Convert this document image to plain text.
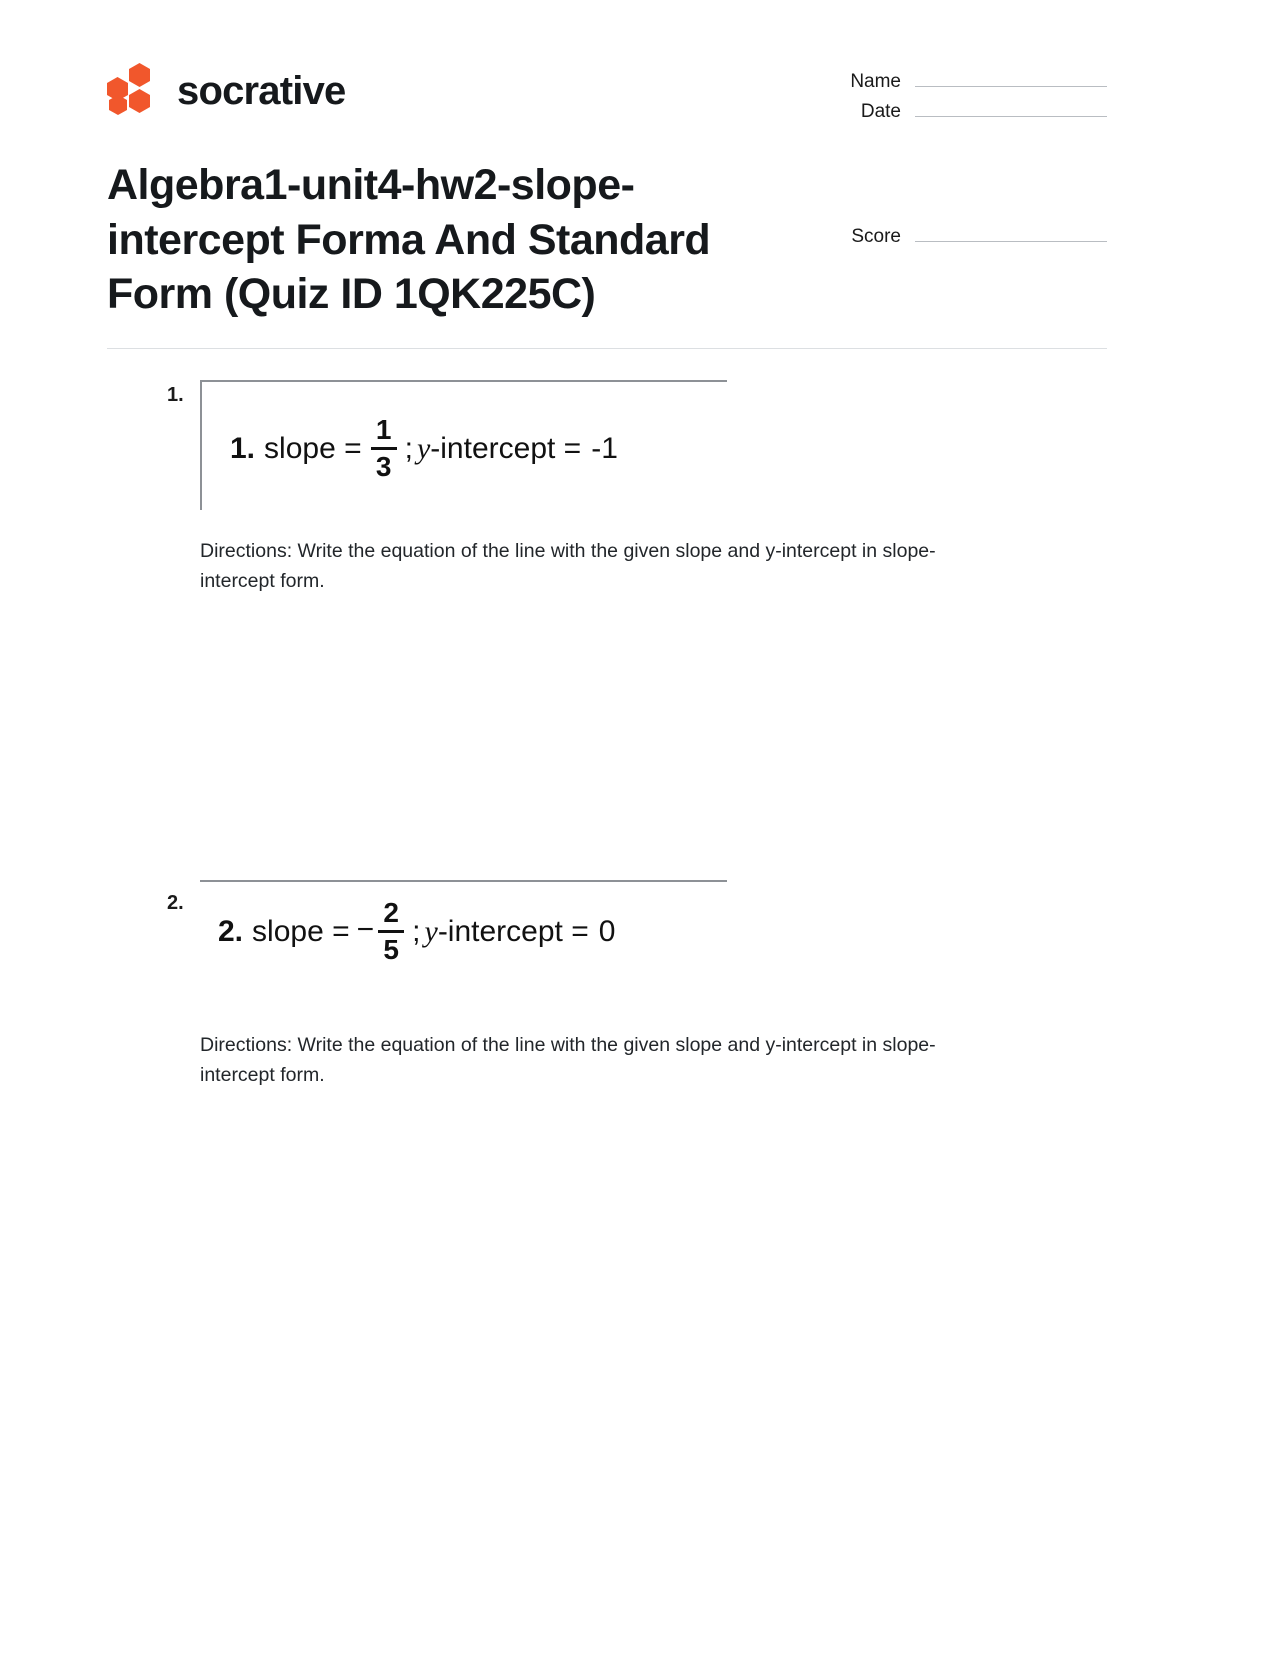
socrative	Name
Date
Algebra1-unit4-hw2-slope-intercept Forma And Standard Form (Quiz ID 1QK225C)
Score
1.
1. slope = $\frac{1}{3}$ ; y -intercept = -1
Directions: Write the equation of the line with the given slope and y-intercept in slope-intercept form.
2.
2. slope = − $\frac{2}{5}$ ; y -intercept = 0
Directions: Write the equation of the line with the given slope and y-intercept in slope-intercept form.
